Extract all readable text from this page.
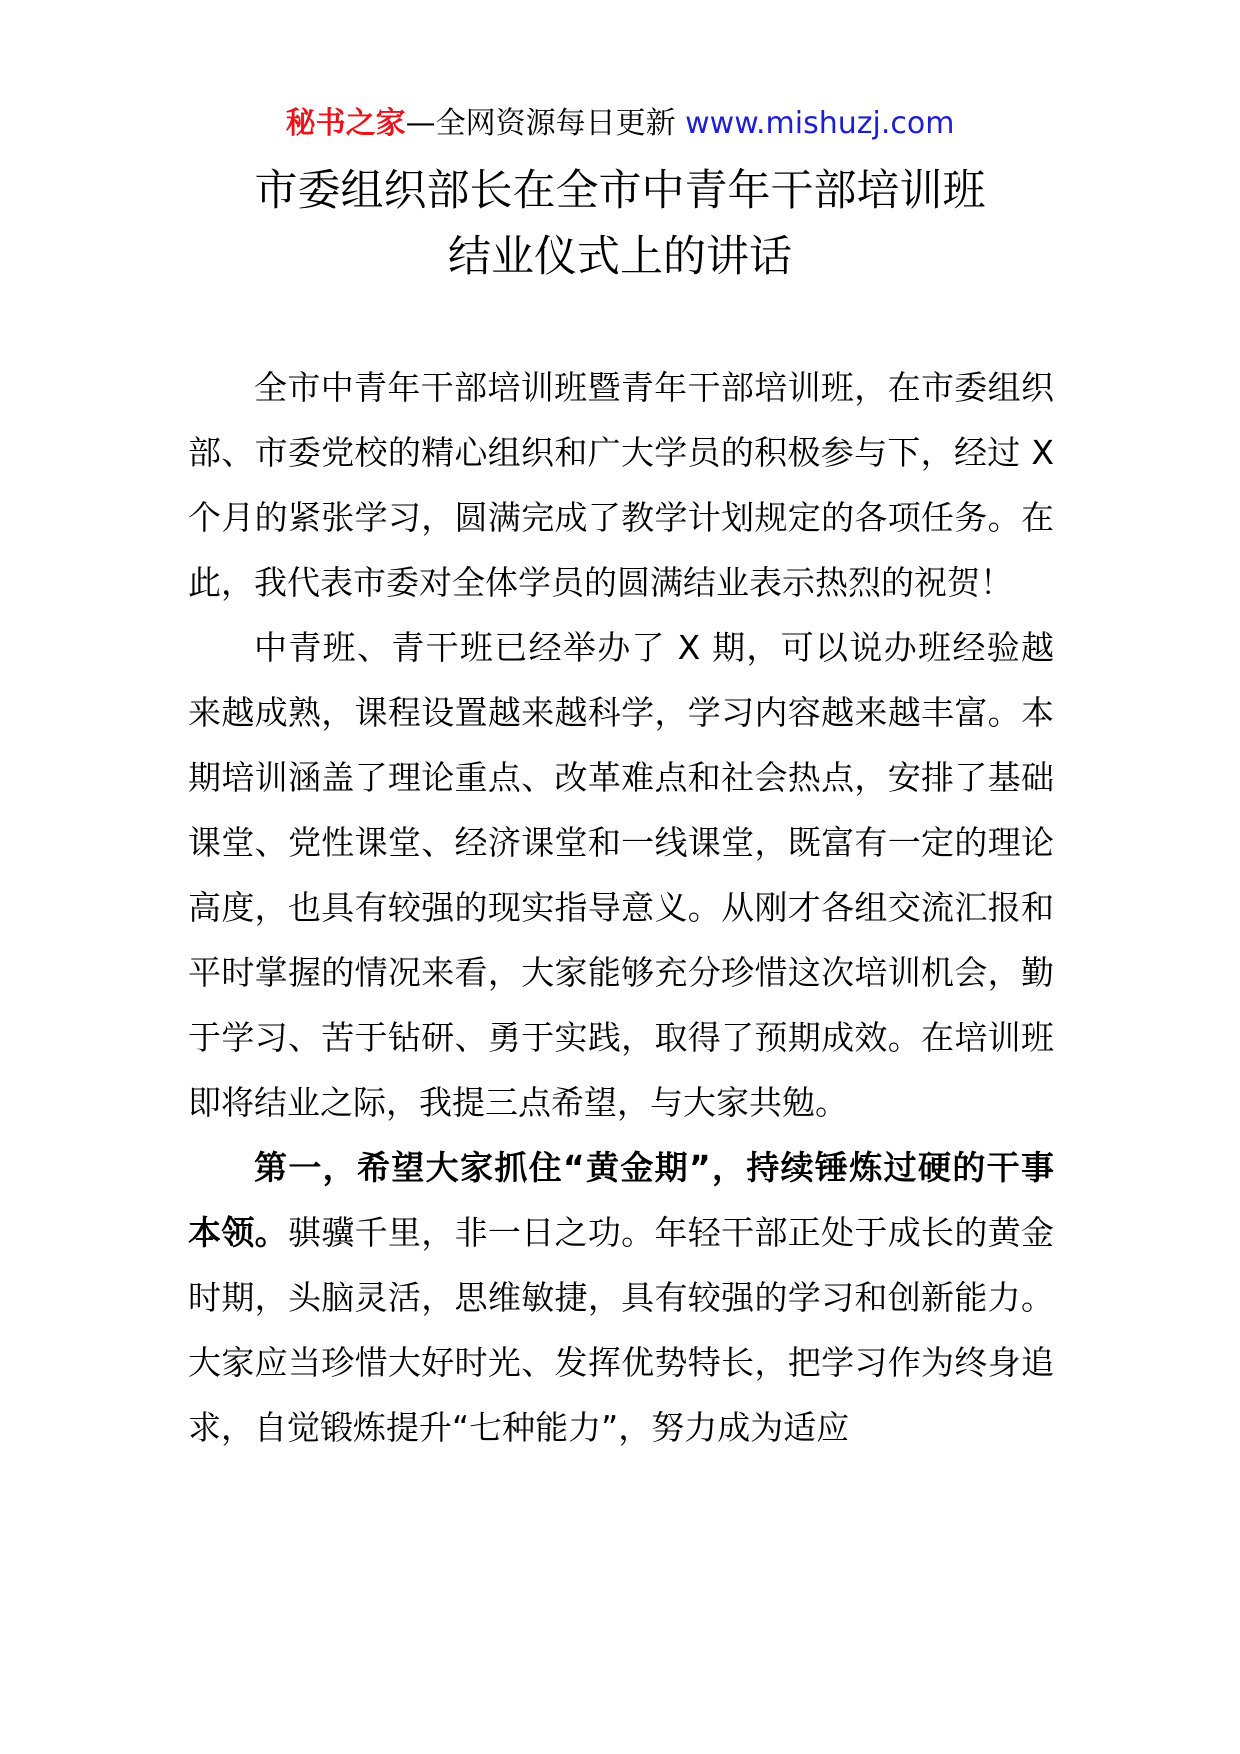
秘书之家—全网资源每日更新 www.mishuzj.com
市委组织部长在全市中青年干部培训班
结业仪式上的讲话

全市中青年干部培训班暨青年干部培训班，在市委组织部、市委党校的精心组织和广大学员的积极参与下，经过 X 个月的紧张学习，圆满完成了教学计划规定的各项任务。在此，我代表市委对全体学员的圆满结业表示热烈的祝贺！

中青班、青干班已经举办了 X 期，可以说办班经验越来越成熟，课程设置越来越科学，学习内容越来越丰富。本期培训涵盖了理论重点、改革难点和社会热点，安排了基础课堂、党性课堂、经济课堂和一线课堂，既富有一定的理论高度，也具有较强的现实指导意义。从刚才各组交流汇报和平时掌握的情况来看，大家能够充分珍惜这次培训机会，勤于学习、苦于钻研、勇于实践，取得了预期成效。在培训班即将结业之际，我提三点希望，与大家共勉。

第一，希望大家抓住“黄金期”，持续锤炼过硬的干事本领。骐骥千里，非一日之功。年轻干部正处于成长的黄金时期，头脑灵活，思维敏捷，具有较强的学习和创新能力。大家应当珍惜大好时光、发挥优势特长，把学习作为终身追求，自觉锻炼提升“七种能力”，努力成为适应
